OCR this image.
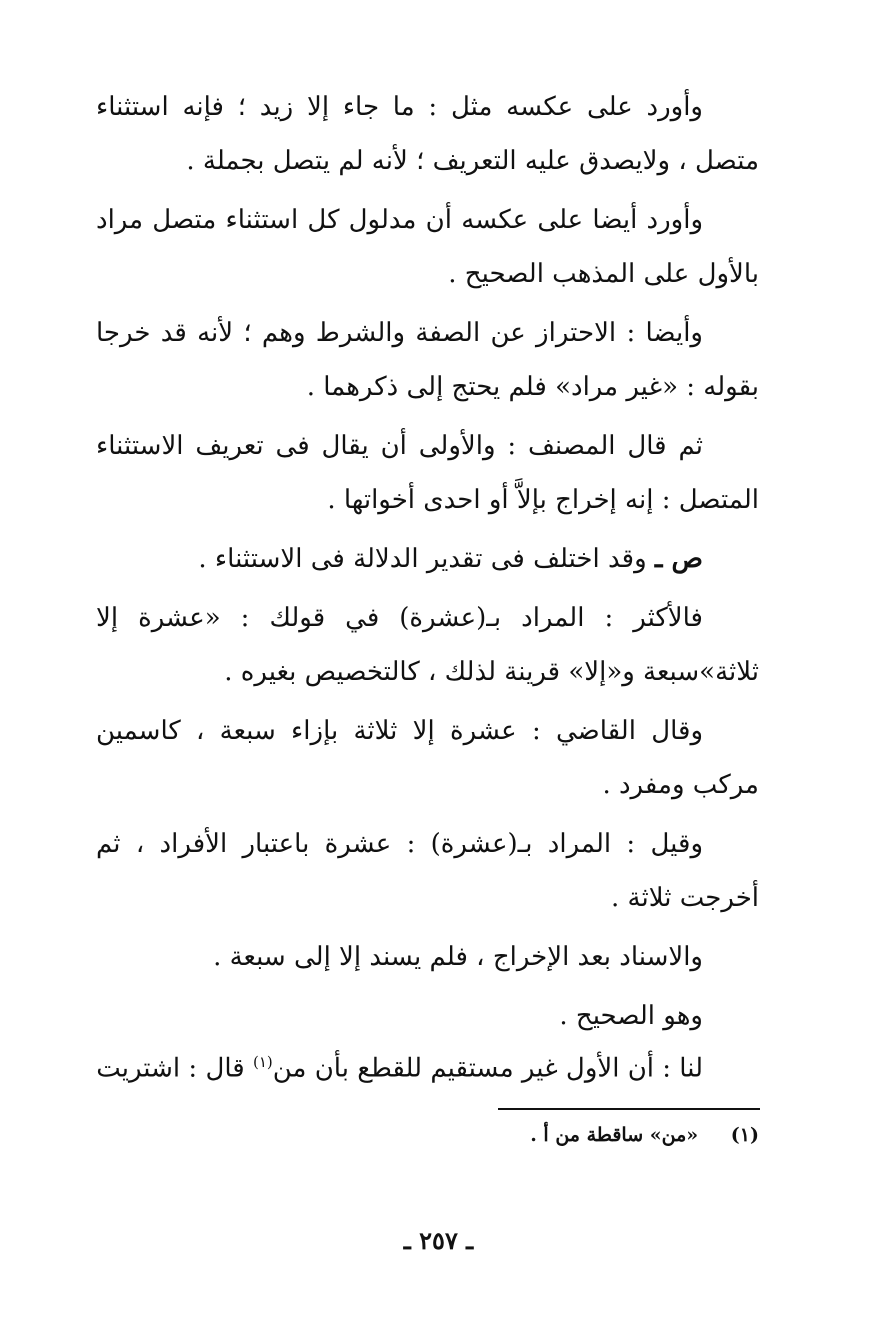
وأورد على عكسه مثل : ما جاء إلا زيد ؛ فإنه استثناء متصل ، ولايصدق عليه التعريف ؛ لأنه لم يتصل بجملة .

وأورد أيضا على عكسه أن مدلول كل استثناء متصل مراد بالأول على المذهب الصحيح .

وأيضا : الاحتراز عن الصفة والشرط وهم ؛ لأنه قد خرجا بقوله : «غير مراد» فلم يحتج إلى ذكرهما .

ثم قال المصنف : والأولى أن يقال فى تعريف الاستثناء المتصل : إنه إخراج بإلاَّ أو احدى أخواتها .

ص ـ وقد اختلف فى تقدير الدلالة فى الاستثناء .

فالأكثر : المراد بـ(عشرة) في قولك : «عشرة إلا ثلاثة»سبعة و«إلا» قرينة لذلك ، كالتخصيص بغيره .

وقال القاضي : عشرة إلا ثلاثة بإزاء سبعة ، كاسمين مركب ومفرد .

وقيل : المراد بـ(عشرة) : عشرة باعتبار الأفراد ، ثم أخرجت ثلاثة .

والاسناد بعد الإخراج ، فلم يسند إلا إلى سبعة .

وهو الصحيح .

لنا : أن الأول غير مستقيم للقطع بأن من$^{(١)}$ قال : اشتريت

(١) «من» ساقطة من أ .
ـ ٢٥٧ ـ
